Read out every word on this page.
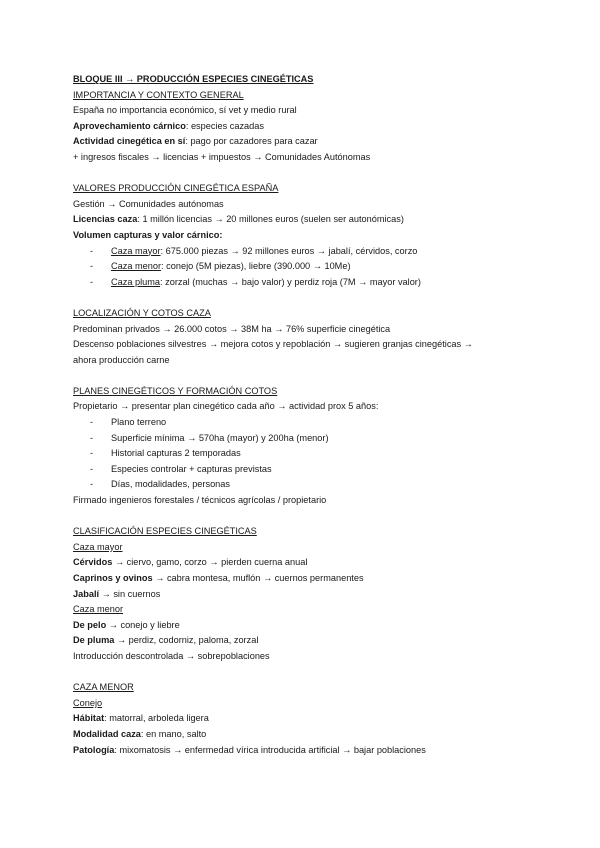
BLOQUE III → PRODUCCIÓN ESPECIES CINEGÉTICAS
IMPORTANCIA Y CONTEXTO GENERAL
España no importancia económico, sí vet y medio rural
Aprovechamiento cárnico: especies cazadas
Actividad cinegética en sí: pago por cazadores para cazar
+ ingresos fiscales → licencias + impuestos → Comunidades Autónomas
VALORES PRODUCCIÓN CINEGÉTICA ESPAÑA
Gestión → Comunidades autónomas
Licencias caza: 1 millón licencias → 20 millones euros (suelen ser autonómicas)
Volumen capturas y valor cárnico:
- Caza mayor: 675.000 piezas → 92 millones euros → jabalí, cérvidos, corzo
- Caza menor: conejo (5M piezas), liebre (390.000 → 10Me)
- Caza pluma: zorzal (muchas → bajo valor) y perdiz roja (7M → mayor valor)
LOCALIZACIÓN Y COTOS CAZA
Predominan privados → 26.000 cotos → 38M ha → 76% superficie cinegética
Descenso poblaciones silvestres → mejora cotos y repoblación → sugieren granjas cinegéticas →
ahora producción carne
PLANES CINEGÉTICOS Y FORMACIÓN COTOS
Propietario → presentar plan cinegético cada año → actividad prox 5 años:
- Plano terreno
- Superficie mínima → 570ha (mayor) y 200ha (menor)
- Historial capturas 2 temporadas
- Especies controlar + capturas previstas
- Días, modalidades, personas
Firmado ingenieros forestales / técnicos agrícolas / propietario
CLASIFICACIÓN ESPECIES CINEGÉTICAS
Caza mayor
Cérvidos → ciervo, gamo, corzo → pierden cuerna anual
Caprinos y ovinos → cabra montesa, muflón → cuernos permanentes
Jabalí → sin cuernos
Caza menor
De pelo → conejo y liebre
De pluma → perdiz, codorniz, paloma, zorzal
Introducción descontrolada → sobrepoblaciones
CAZA MENOR
Conejo
Hábitat: matorral, arboleda ligera
Modalidad caza: en mano, salto
Patología: mixomatosis → enfermedad vírica introducida artificial → bajar poblaciones
